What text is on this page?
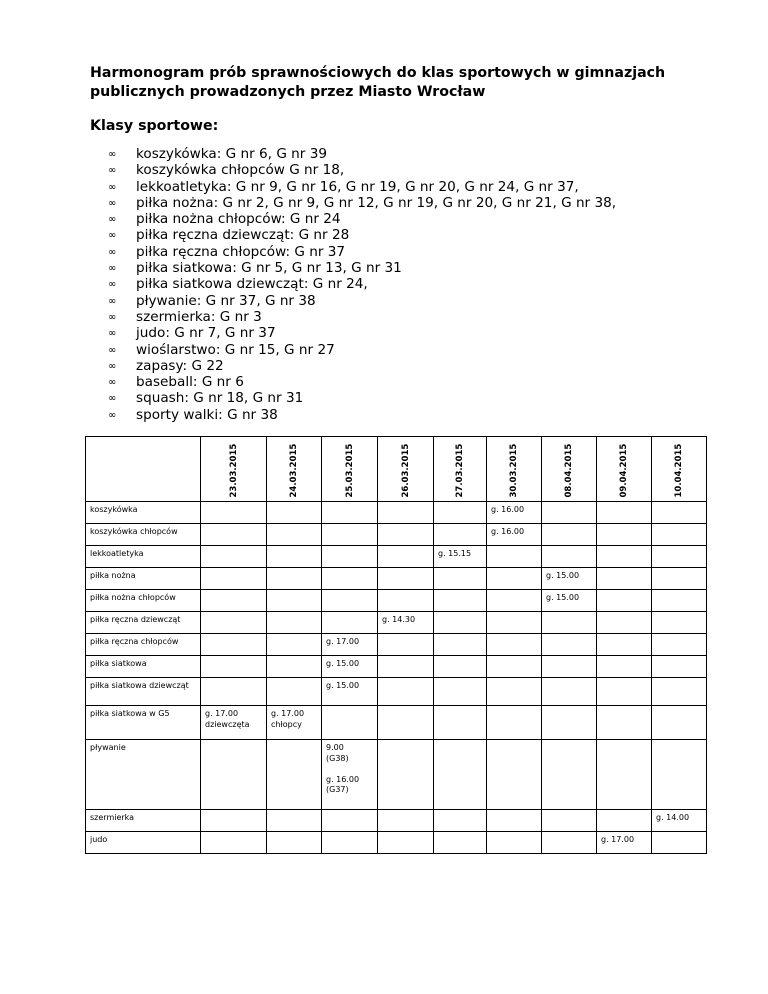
Harmonogram prób sprawnościowych do klas sportowych w gimnazjach publicznych prowadzonych przez Miasto Wrocław
Klasy sportowe:
∞ koszykówka: G nr 6, G nr 39
∞ koszykówka chłopców G nr 18,
∞ lekkoatletyka: G nr 9, G nr 16, G nr 19, G nr 20, G nr 24, G nr 37,
∞ piłka nożna: G nr 2, G nr 9, G nr 12, G nr 19, G nr 20, G nr 21, G nr 38,
∞ piłka nożna chłopców: G nr 24
∞ piłka ręczna dziewcząt: G nr 28
∞ piłka ręczna chłopców: G nr 37
∞ piłka siatkowa: G nr 5, G nr 13, G nr 31
∞ piłka siatkowa dziewcząt: G nr 24,
∞ pływanie: G nr 37, G nr 38
∞ szermierka: G nr 3
∞ judo: G nr 7, G nr 37
∞ wioślarstwo: G nr 15, G nr 27
∞ zapasy: G 22
∞ baseball: G nr 6
∞ squash: G nr 18, G nr 31
∞ sporty walki: G nr 38

	23.03.2015	24.03.2015	25.03.2015	26.03.2015	27.03.2015	30.03.2015	08.04.2015	09.04.2015	10.04.2015

koszykówka						g. 16.00			
koszykówka chłopców						g. 16.00			
lekkoatletyka					g. 15.15				
piłka nożna							g. 15.00		
piłka nożna chłopców							g. 15.00		
piłka ręczna dziewcząt				g. 14.30					
piłka ręczna chłopców			g. 17.00						
piłka siatkowa			g. 15.00						
piłka siatkowa dziewcząt			g. 15.00						
piłka siatkowa w G5	g. 17.00 dziewczęta	g. 17.00 chłopcy							
pływanie			9.00
(G38)

g. 16.00
(G37)						
szermierka									g. 14.00
judo								g. 17.00	
